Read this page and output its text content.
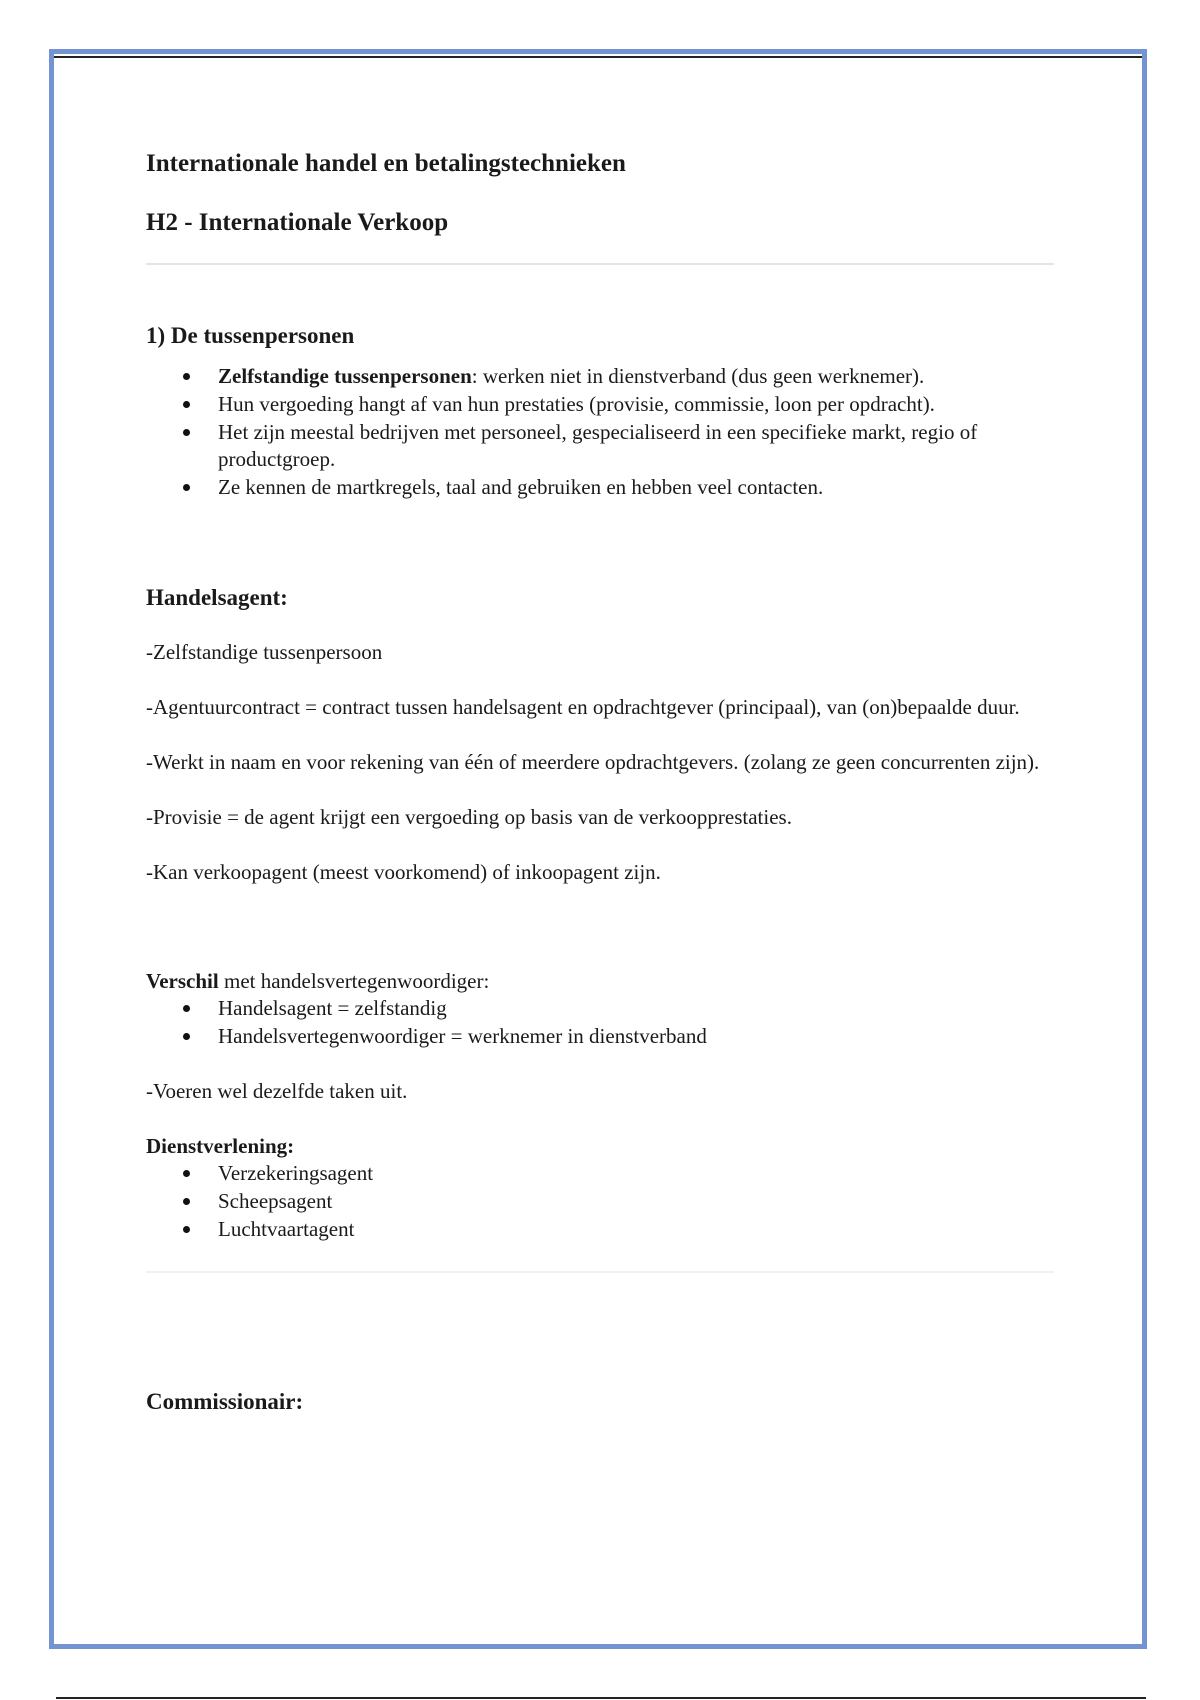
Internationale handel en betalingstechnieken
H2 - Internationale Verkoop
1) De tussenpersonen
Zelfstandige tussenpersonen: werken niet in dienstverband (dus geen werknemer).
Hun vergoeding hangt af van hun prestaties (provisie, commissie, loon per opdracht).
Het zijn meestal bedrijven met personeel, gespecialiseerd in een specifieke markt, regio of productgroep.
Ze kennen de martkregels, taal and gebruiken en hebben veel contacten.
Handelsagent:

-Zelfstandige tussenpersoon

-Agentuurcontract = contract tussen handelsagent en opdrachtgever (principaal), van (on)bepaalde duur.

-Werkt in naam en voor rekening van één of meerdere opdrachtgevers. (zolang ze geen concurrenten zijn).

-Provisie = de agent krijgt een vergoeding op basis van de verkoopprestaties.

-Kan verkoopagent (meest voorkomend) of inkoopagent zijn.

Verschil met handelsvertegenwoordiger:
Handelsagent = zelfstandig
Handelsvertegenwoordiger = werknemer in dienstverband

-Voeren wel dezelfde taken uit.

Dienstverlening:
Verzekeringsagent
Scheepsagent
Luchtvaartagent
Commissionair:
